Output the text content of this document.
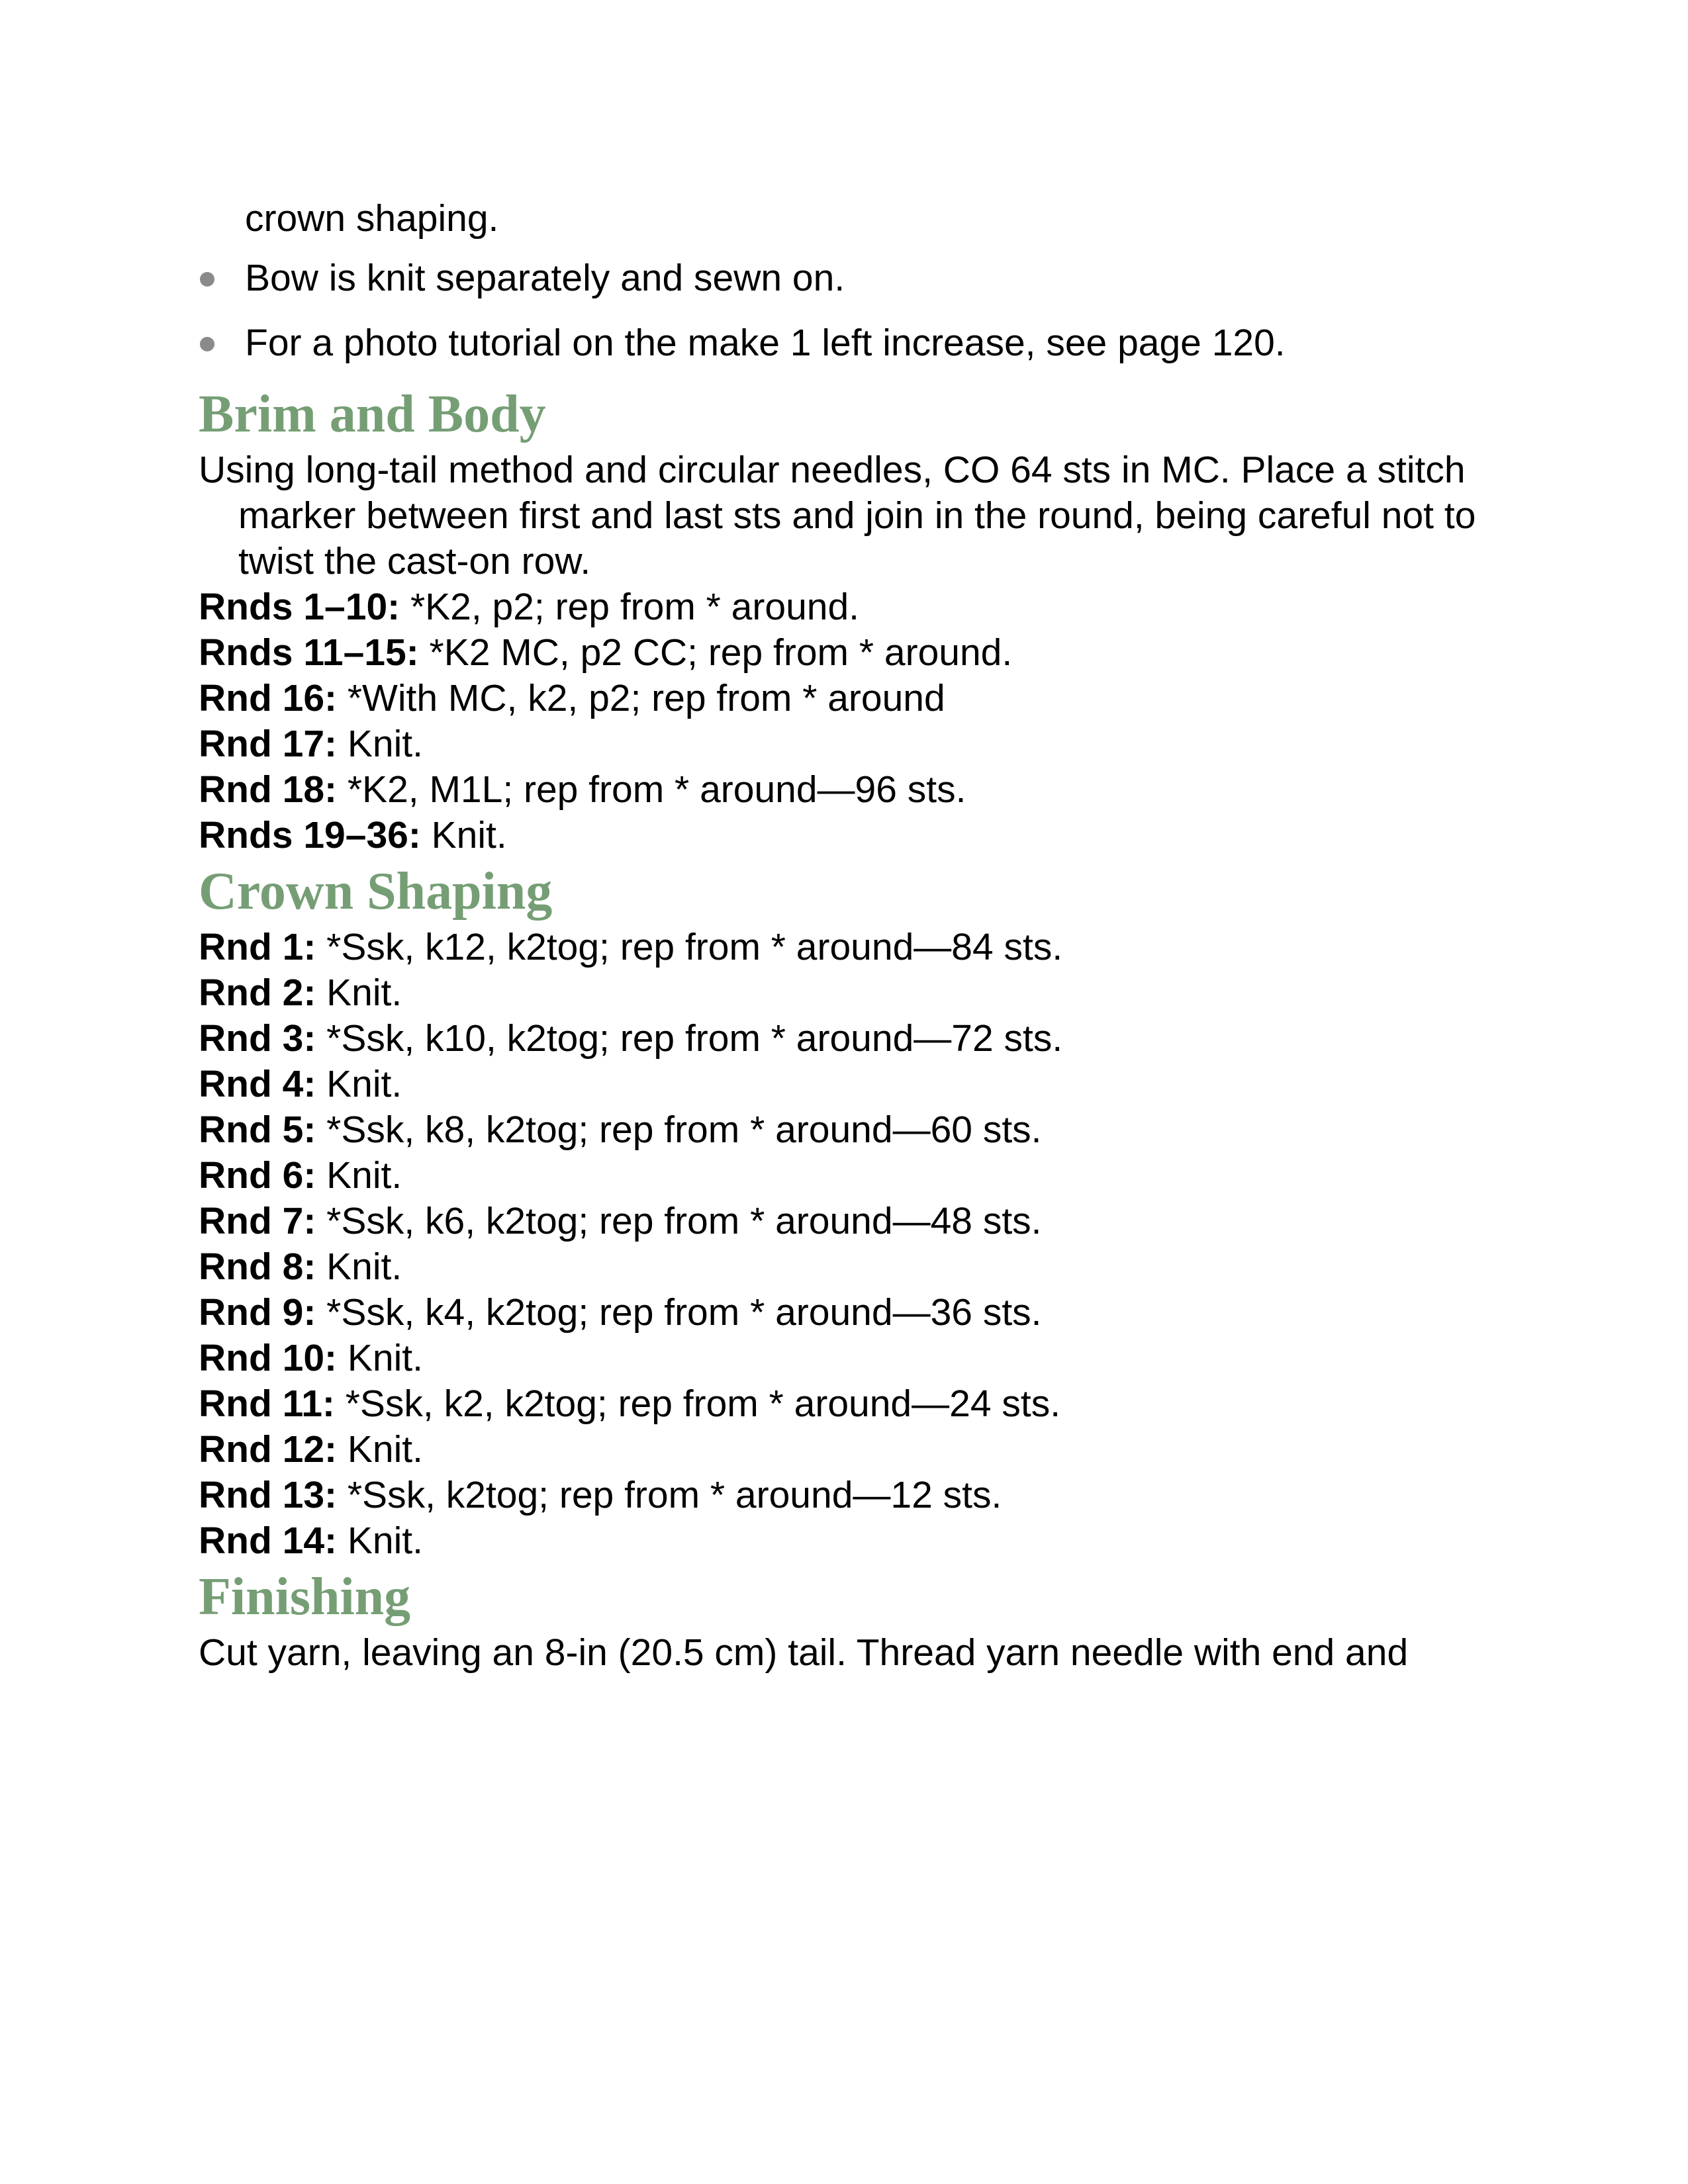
crown shaping.
Bow is knit separately and sewn on.
For a photo tutorial on the make 1 left increase, see page 120.
Brim and Body
Using long-tail method and circular needles, CO 64 sts in MC. Place a stitch marker between first and last sts and join in the round, being careful not to twist the cast-on row.
Rnds 1–10: *K2, p2; rep from * around.
Rnds 11–15: *K2 MC, p2 CC; rep from * around.
Rnd 16: *With MC, k2, p2; rep from * around
Rnd 17: Knit.
Rnd 18: *K2, M1L; rep from * around—96 sts.
Rnds 19–36: Knit.
Crown Shaping
Rnd 1: *Ssk, k12, k2tog; rep from * around—84 sts.
Rnd 2: Knit.
Rnd 3: *Ssk, k10, k2tog; rep from * around—72 sts.
Rnd 4: Knit.
Rnd 5: *Ssk, k8, k2tog; rep from * around—60 sts.
Rnd 6: Knit.
Rnd 7: *Ssk, k6, k2tog; rep from * around—48 sts.
Rnd 8: Knit.
Rnd 9: *Ssk, k4, k2tog; rep from * around—36 sts.
Rnd 10: Knit.
Rnd 11: *Ssk, k2, k2tog; rep from * around—24 sts.
Rnd 12: Knit.
Rnd 13: *Ssk, k2tog; rep from * around—12 sts.
Rnd 14: Knit.
Finishing
Cut yarn, leaving an 8-in (20.5 cm) tail. Thread yarn needle with end and
